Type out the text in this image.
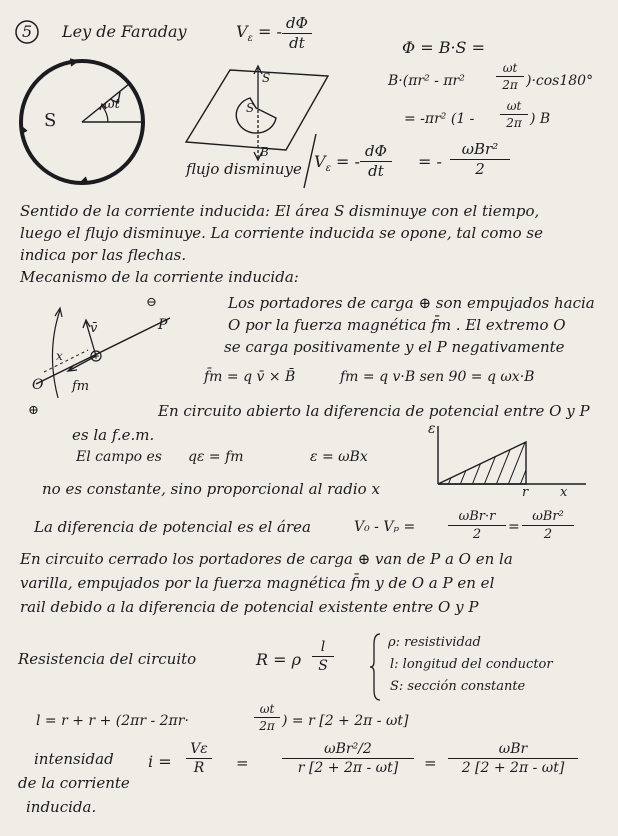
5 Ley de Faraday	$V_\varepsilon$ = - dΦ
dt
S
ωt
S
S
B
flujo disminuye
Φ = B·S =
B·(πr² - πr²
ωt
2π )·cos180°
= -πr² (1 -
ωt
2π ) B
$V_\varepsilon$ = -
dΦ
dt	= -
ωBr²
2
Sentido de la corriente inducida: El área S disminuye con el tiempo,
luego el flujo disminuye. La corriente inducida se opone, tal como se
indica por las flechas.
Mecanismo de la corriente inducida:
⊖
P
v̄
x
O fm
⊕
Los portadores de carga ⊕ son empujados hacia
O por la fuerza magnética f̄m . El extremo O
se carga positivamente y el P negativamente
f̄m = q v̄ × B̄	fm = q v·B sen 90 = q ωx·B
En circuito abierto la diferencia de potencial entre O y P
es la f.e.m.
El campo es qε = fm	ε = ωBx
ε
r x
no es constante, sino proporcional al radio x
La diferencia de potencial es el área	V₀ - Vₚ =
ωBr·r
2	=
ωBr²
2
En circuito cerrado los portadores de carga ⊕ van de P a O en la
varilla, empujados por la fuerza magnética f̄m y de O a P en el
rail debido a la diferencia de potencial existente entre O y P
Resistencia del circuito	R = ρ
l
S
ρ: resistividad
l: longitud del conductor
S: sección constante
l = r + r + (2πr - 2πr·
ωt
2π ) = r [2 + 2π - ωt]
intensidad
de la corriente
inducida.
i =
Vε
R	=
ωBr²/2
r [2 + 2π - ωt]	=
ωBr
2 [2 + 2π - ωt]
